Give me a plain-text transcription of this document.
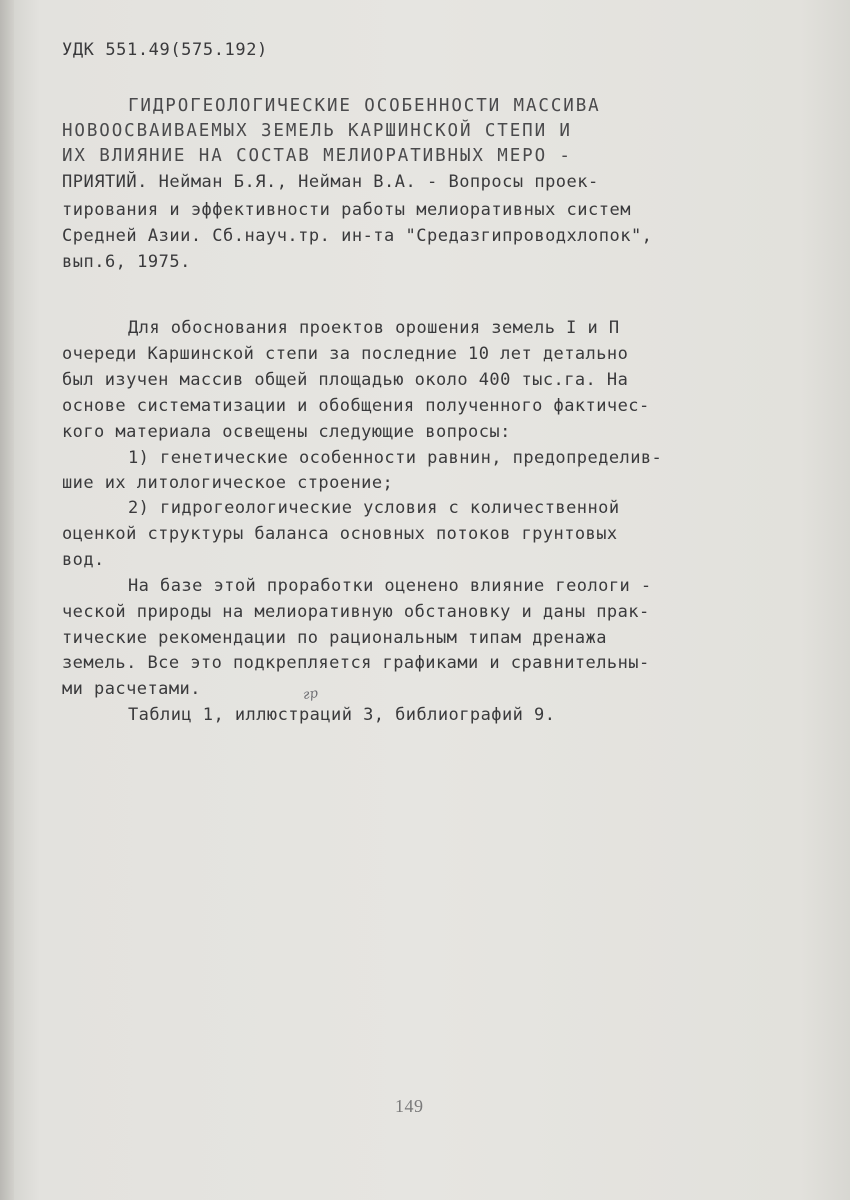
УДК 551.49(575.192)
ГИДРОГЕОЛОГИЧЕСКИЕ ОСОБЕННОСТИ МАССИВА
НОВООСВАИВАЕМЫХ ЗЕМЕЛЬ КАРШИНСКОЙ СТЕПИ И
ИХ ВЛИЯНИЕ НА СОСТАВ МЕЛИОРАТИВНЫХ МЕРО -
ПРИЯТИЙ. Нейман Б.Я., Нейман В.А. - Вопросы проек-
тирования и эффективности работы мелиоративных систем
Средней Азии. Сб.науч.тр. ин-та "Средазгипроводхлопок",
вып.6, 1975.
Для обоснования проектов орошения земель I и П
очереди Каршинской степи за последние 10 лет детально
был изучен массив общей площадью около 400 тыс.га. На
основе систематизации и обобщения полученного фактичес-
кого материала освещены следующие вопросы:
1) генетические особенности равнин, предопределив-
шие их литологическое строение;
2) гидрогеологические условия с количественной
оценкой структуры баланса основных потоков грунтовых
вод.
На базе этой проработки оценено влияние геологи -
ческой природы на мелиоративную обстановку и даны прак-
тические рекомендации по рациональным типам дренажа
земель. Все это подкрепляется графиками и сравнительны-
ми расчетами.	гр
Таблиц 1, иллюстраций 3, библиографий 9.
149
